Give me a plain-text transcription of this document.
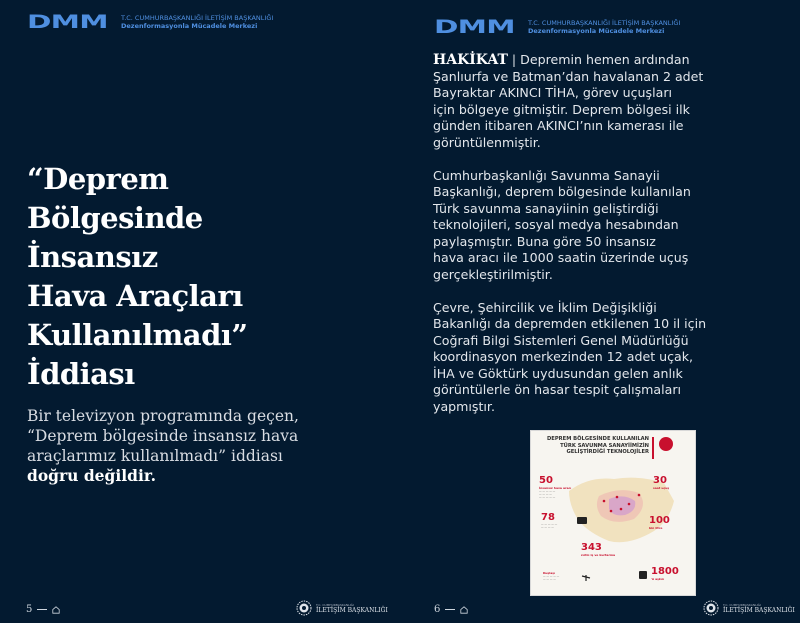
DMM	T.C. CUMHURBAŞKANLIĞI İLETİŞİM BAŞKANLIĞI
Dezenformasyonla Mücadele Merkezi
“Deprem
Bölgesinde
İnsansız
Hava Araçları
Kullanılmadı”
İddiası
Bir televizyon programında geçen,
“Deprem bölgesinde insansız hava
araçlarımız kullanılmadı” iddiası
doğru değildir.
5	T.C. CUMHURBAŞKANLIĞI
İLETİŞİM BAŞKANLIĞI
DMM	T.C. CUMHURBAŞKANLIĞI İLETİŞİM BAŞKANLIĞI
Dezenformasyonla Mücadele Merkezi
HAKİKAT | Depremin hemen ardından
Şanlıurfa ve Batman’dan havalanan 2 adet
Bayraktar AKINCI TİHA, görev uçuşları
için bölgeye gitmiştir. Deprem bölgesi ilk
günden itibaren AKINCI’nın kamerası ile
görüntülenmiştir.
Cumhurbaşkanlığı Savunma Sanayii
Başkanlığı, deprem bölgesinde kullanılan
Türk savunma sanayiinin geliştirdiği
teknolojileri, sosyal medya hesabından
paylaşmıştır. Buna göre 50 insansız
hava aracı ile 1000 saatin üzerinde uçuş
gerçekleştirilmiştir.
Çevre, Şehircilik ve İklim Değişikliği
Bakanlığı da depremden etkilenen 10 il için
Coğrafi Bilgi Sistemleri Genel Müdürlüğü
koordinasyon merkezinden 12 adet uçak,
İHA ve Göktürk uydusundan gelen anlık
görüntülerle ön hasar tespit çalışmaları
yapmıştır.
DEPREM BÖLGESİNDE KULLANILAN
TÜRK SAVUNMA SANAYİİMİZİN
GELİŞTİRDİĞİ TEKNOLOJİLER
50
İnsansız hava aracı
— — — — —
— — — —
— — — — —
30
saat uçuş
78
— — — — —
— — — —
100
bin litre
343
zırhlı iş ve kurtarma
Kuşlaşı
— — — — —
— — — —
1800
'ü aşkın
6	T.C. CUMHURBAŞKANLIĞI
İLETİŞİM BAŞKANLIĞI
